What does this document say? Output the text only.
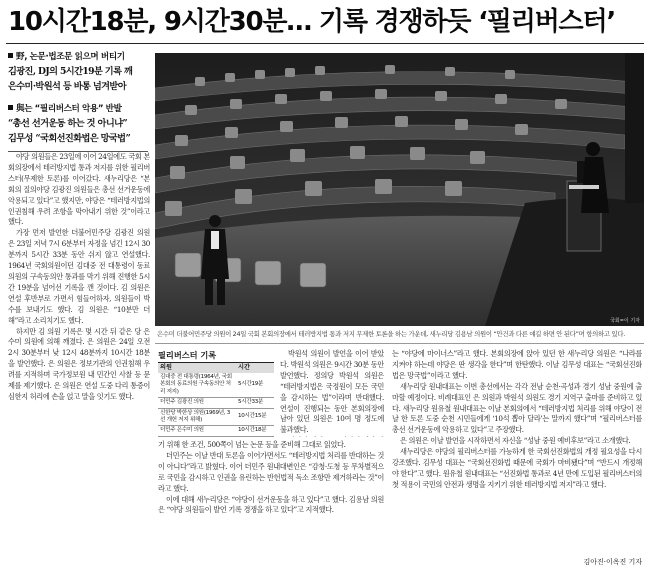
10시간18분, 9시간30분… 기록 경쟁하듯 ‘필리버스터’
野, 논문·법조문 읽으며 버티기
김광진, DJ의 5시간19분 기록 깨
은수미·박원석 등 바통 넘겨받아
與는 “필리버스터 악용” 반발
“총선 선거운동 하는 것 아니냐”
김무성 “국회선진화법은 망국법”

야당 의원들은 23일에 이어 24일에도 국회 본회의장에서 테러방지법 통과 저지를 위한 필리버스터(무제한 토론)를 이어갔다. 새누리당은 “본회의 질의야당 김광진 의원들은 총선 선거운동에 악용되고 있다”고 했지만, 야당은 “테러방지법의 인권침해 우려 조항을 막아내기 위한 것”이라고 했다.

가장 먼저 발언한 더불어민주당 김광진 의원은 23일 저녁 7시 6분부터 자정을 넘긴 12시 30분까지 5시간 33분 동안 쉬지 않고 연설했다. 1964년 국회의원이던 김대중 전 대통령이 동료 의원의 구속동의안 통과를 막기 위해 진행한 5시간 19분을 넘어선 기록을 깬 것이다. 김 의원은 연설 후반부로 가면서 힘들어하자, 의원들이 박수를 보내기도 했다. 김 의원은 “10분만 더 해”라고 소리치기도 했다.

하지만 김 의원 기록은 몇 시간 뒤 같은 당 은수미 의원에 의해 깨졌다. 은 의원은 24일 오전 2시 30분부터 낮 12시 48분까지 10시간 18분을 발언했다. 은 의원은 정보기관의 인권침해 우려를 지적하며 국가정보원 내 민간인 사찰 등 문제를 제기했다. 은 의원은 연설 도중 다리 통증이 심한지 허리에 손을 얹고 말을 잇기도 했다.

국회=이 기자
은수미 더불어민주당 의원이 24일 국회 본회의장에서 테러방지법 통과 저지 무제한 토론을 하는 가운데, 새누리당 김용남 의원이 “안건과 다른 얘길 하면 안 된다”며 항의하고 있다.
필리버스터 기록
의원	시간
김대중 전 대통령(1964년, 국회 본회의 동료의원 구속동의안 처리 저지)	5시간19분
더민주 김광진 의원	5시간33분
신한당 박한상 의원(1969년, 3선 개헌 저지 위해)	10시간15분
더민주 은수미 의원	10시간18분

박원석 의원이 발언을 이어 받았다. 박원석 의원은 9시간 30분 동안 발언했다. 정의당 박원석 의원은 “테러방지법은 국정원이 모든 국민을 감시하는 법”이라며 반대했다. 연설이 진행되는 동안 본회의장에 남아 있던 의원은 10여 명 정도에 불과했다.

기 위해 한 조건, 500쪽이 넘는 논문 등을 준비해 그대로 읽었다.

더민주는 이날 반대 토론을 이어가면서도 “테러방지법 처리를 반대하는 것이 아니다”라고 밝혔다. 이어 더민주 원내대변인은 “감청·도청 등 무차별적으로 국민을 감시하고 인권을 유린하는 반헌법적 독소 조항만 제거하라는 것”이라고 했다.

이에 대해 새누리당은 “야당이 선거운동을 하고 있다”고 했다. 김용남 의원은 “야당 의원들이 발언 기록 경쟁을 하고 있다”고 지적했다.

는 “야당에 마이너스”라고 했다. 본회의장에 앉아 있던 한 새누리당 의원은 “나라를 지켜야 하는데 야당은 딴 생각을 한다”며 한탄했다. 이날 김무성 대표는 “국회선진화법은 망국법”이라고 했다.

새누리당 원내대표는 이번 총선에서는 각각 전남 순천·곡성과 경기 성남 중원에 출마할 예정이다. 비례대표인 은 의원과 박원석 의원도 경기 지역구 출마를 준비하고 있다. 새누리당 원유철 원내대표는 이날 본회의에서 “테러방지법 처리를 위해 야당이 전날 한 토론 도중 순천 시민들에게 ‘10석 뽑아 달라’는 말까지 했다”며 “필리버스터를 총선 선거운동에 악용하고 있다”고 주장했다.

은 의원은 이날 발언을 시작하면서 자신을 “성남 중원 예비후보”라고 소개했다.

새누리당은 야당의 필리버스터를 가능하게 한 국회선진화법의 개정 필요성을 다시 강조했다. 김무성 대표는 “국회선진화법 때문에 국회가 마비됐다”며 “반드시 개정해야 한다”고 했다. 원유철 원내대표는 “선진화법 통과로 4년 만에 도입된 필리버스터의 첫 적용이 국민의 안전과 생명을 지키기 위한 테러방지법 저지”라고 했다.

김아진·이옥진 기자
